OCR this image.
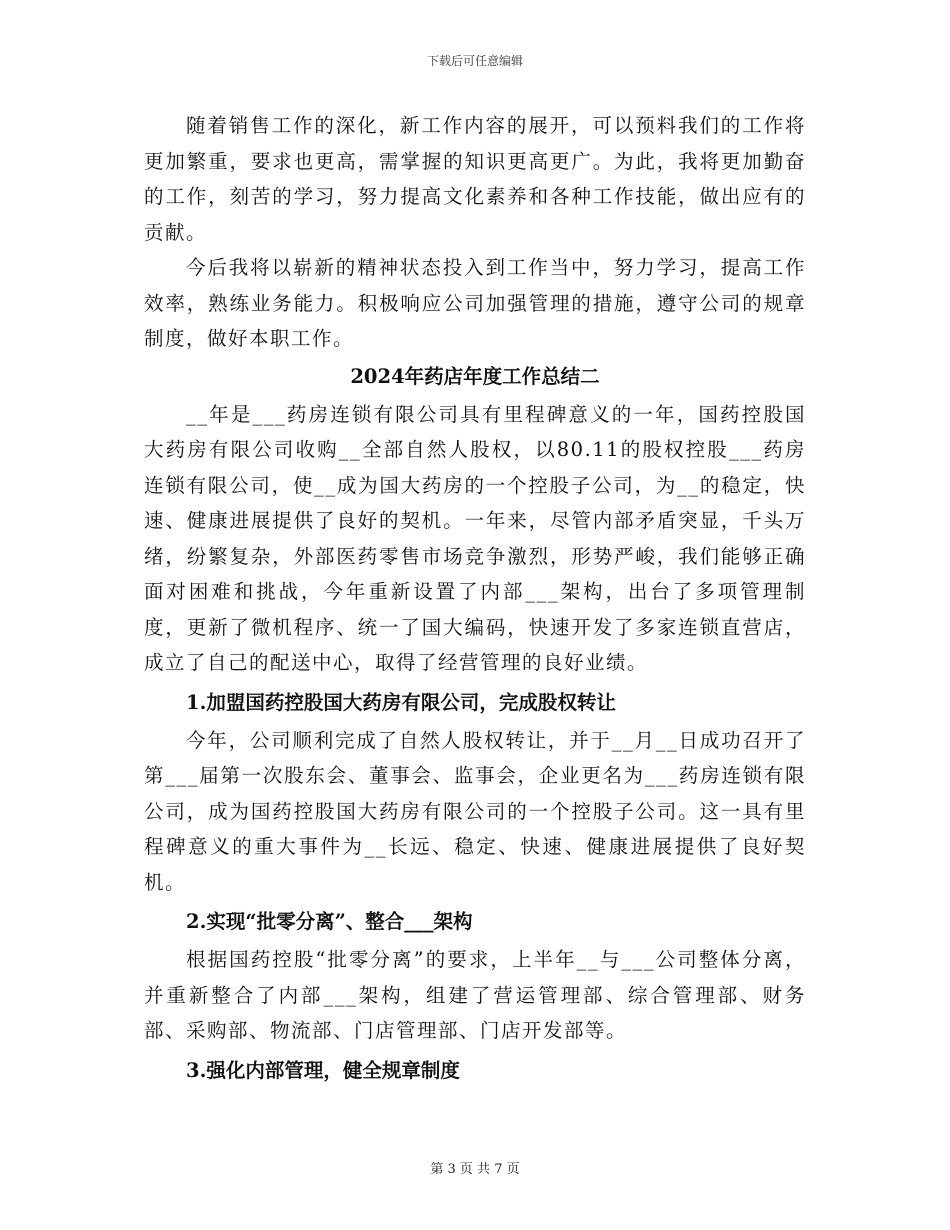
下载后可任意编辑

随着销售工作的深化，新工作内容的展开，可以预料我们的工作将更加繁重，要求也更高，需掌握的知识更高更广。为此，我将更加勤奋的工作，刻苦的学习，努力提高文化素养和各种工作技能，做出应有的贡献。

今后我将以崭新的精神状态投入到工作当中，努力学习，提高工作效率，熟练业务能力。积极响应公司加强管理的措施，遵守公司的规章制度，做好本职工作。

2024年药店年度工作总结二

__年是___药房连锁有限公司具有里程碑意义的一年，国药控股国大药房有限公司收购__全部自然人股权，以80.11的股权控股___药房连锁有限公司，使__成为国大药房的一个控股子公司，为__的稳定，快速、健康进展提供了良好的契机。一年来，尽管内部矛盾突显，千头万绪，纷繁复杂，外部医药零售市场竞争激烈，形势严峻，我们能够正确面对困难和挑战，今年重新设置了内部___架构，出台了多项管理制度，更新了微机程序、统一了国大编码，快速开发了多家连锁直营店，成立了自己的配送中心，取得了经营管理的良好业绩。

1.加盟国药控股国大药房有限公司，完成股权转让

今年，公司顺利完成了自然人股权转让，并于__月__日成功召开了第___届第一次股东会、董事会、监事会，企业更名为___药房连锁有限公司，成为国药控股国大药房有限公司的一个控股子公司。这一具有里程碑意义的重大事件为__长远、稳定、快速、健康进展提供了良好契机。

2.实现“批零分离”、整合___架构

根据国药控股“批零分离”的要求，上半年__与___公司整体分离，并重新整合了内部___架构，组建了营运管理部、综合管理部、财务部、采购部、物流部、门店管理部、门店开发部等。

3.强化内部管理，健全规章制度

第 3 页 共 7 页
